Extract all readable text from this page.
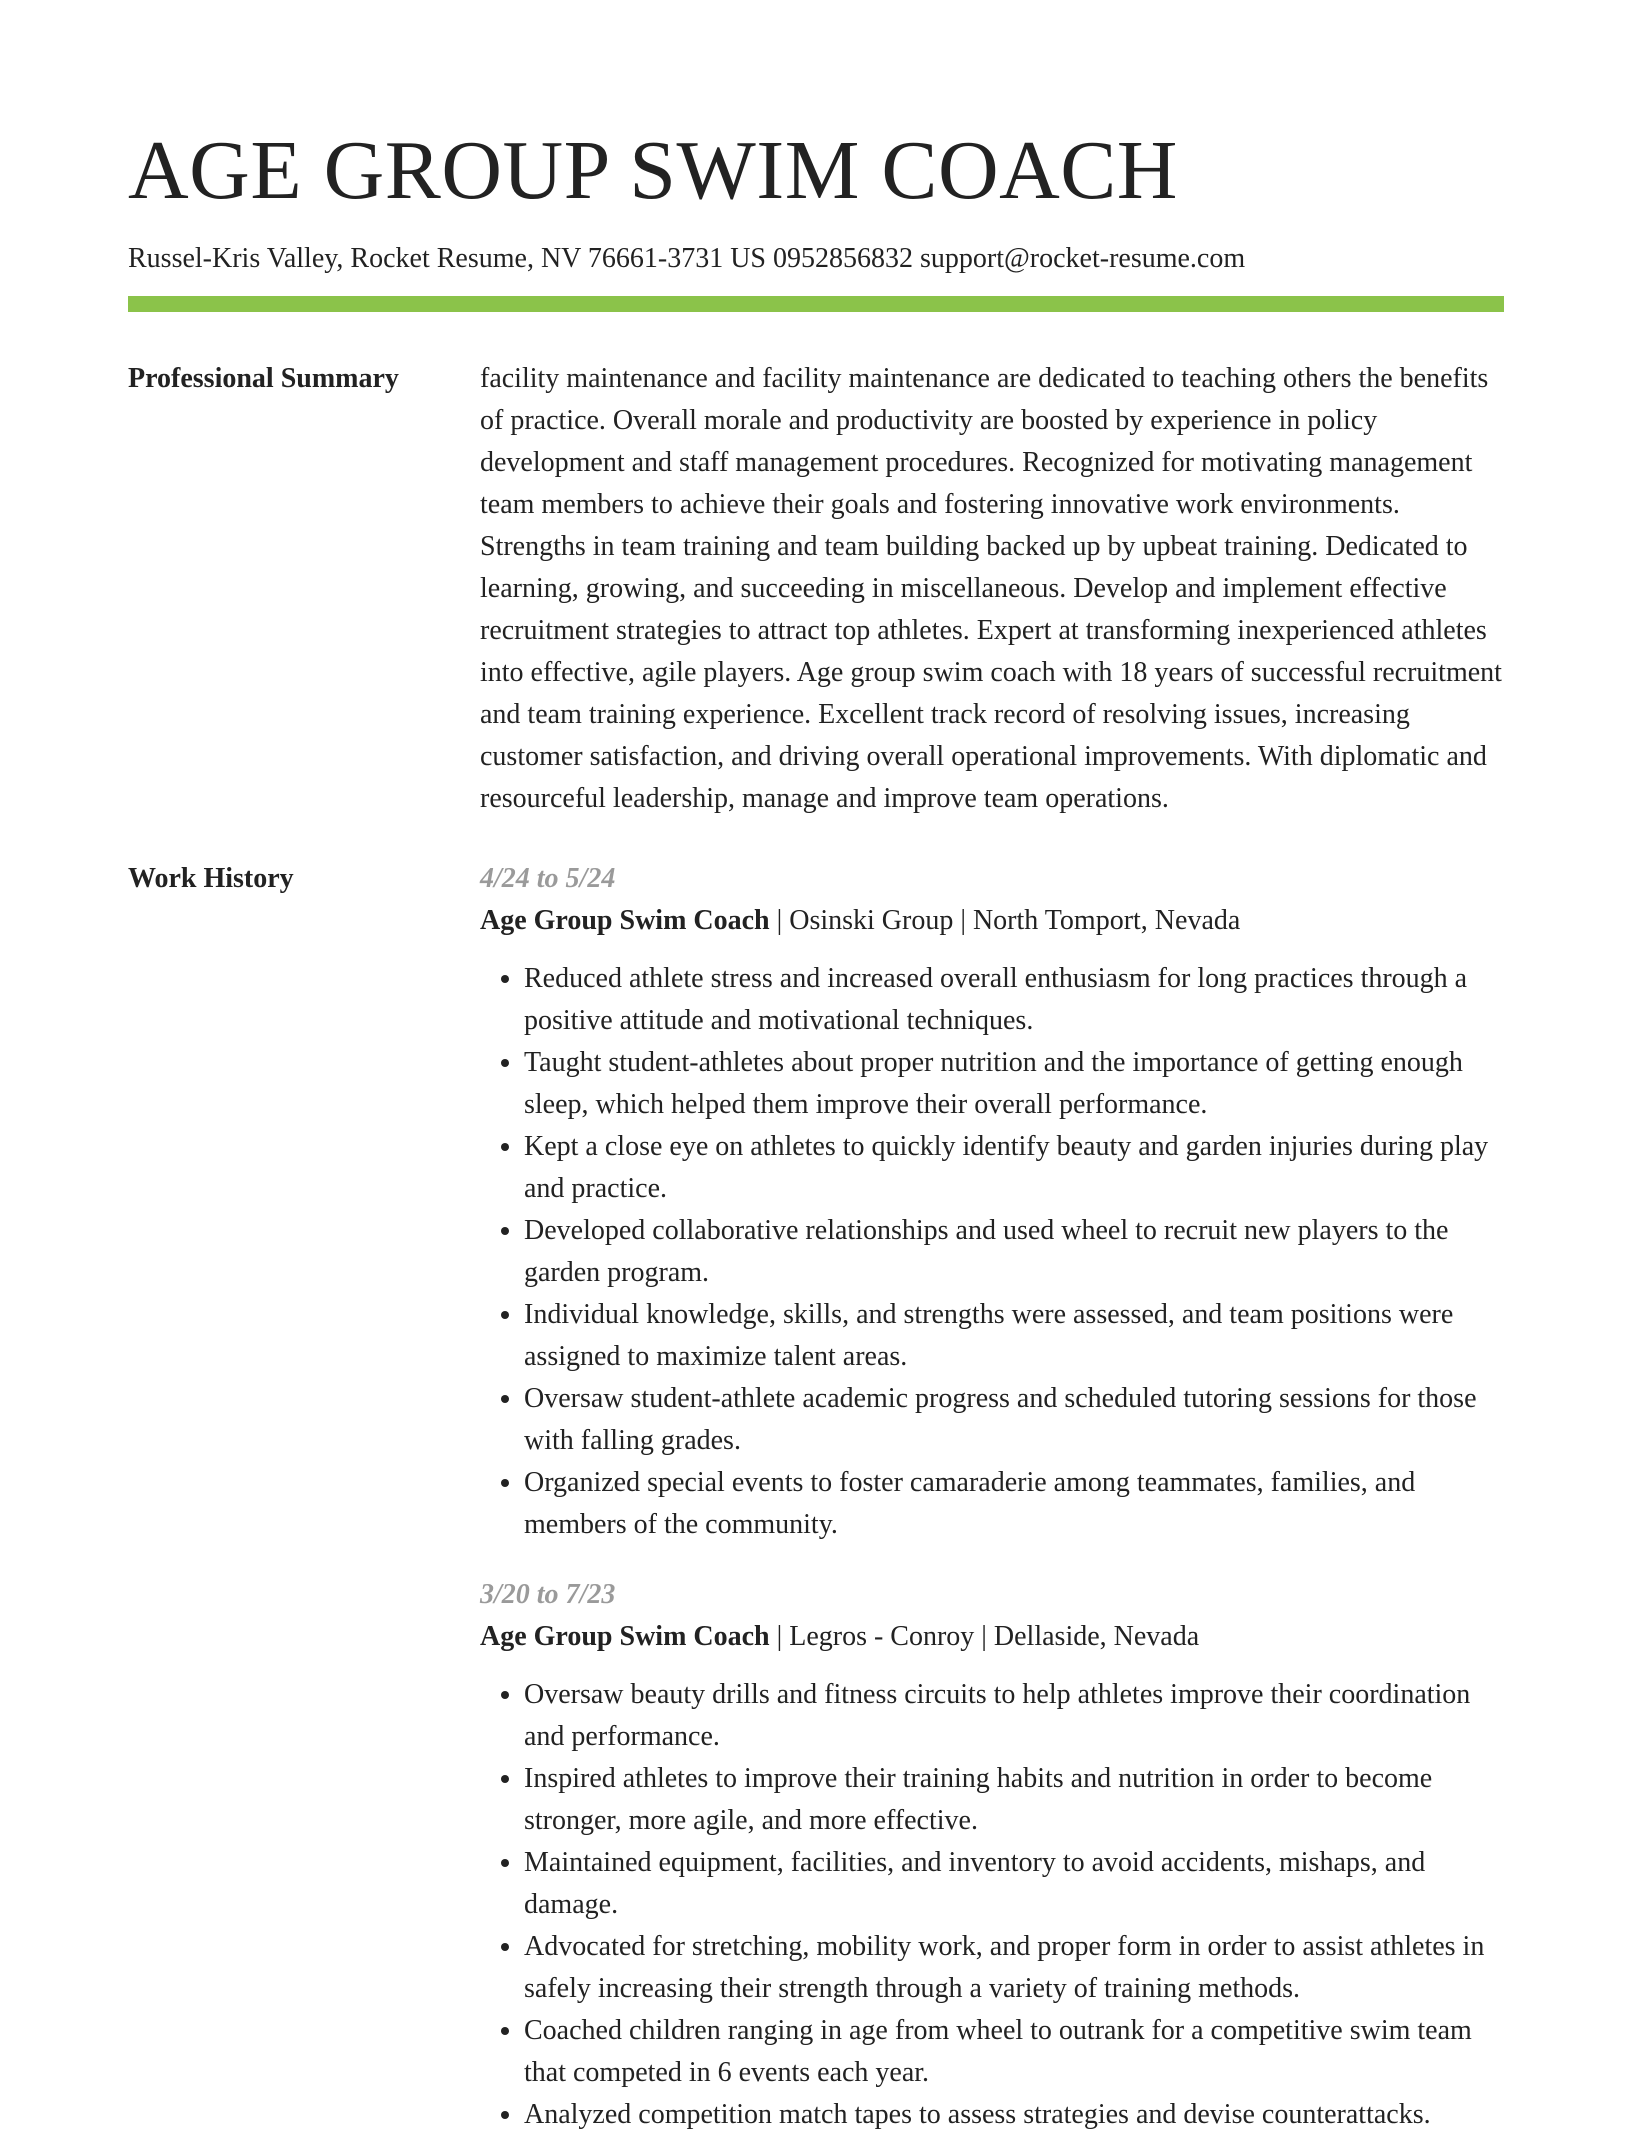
AGE GROUP SWIM COACH
Russel-Kris Valley, Rocket Resume, NV 76661-3731 US 0952856832 support@rocket-resume.com
Professional Summary	facility maintenance and facility maintenance are dedicated to teaching others the benefits of practice. Overall morale and productivity are boosted by experience in policy development and staff management procedures. Recognized for motivating management team members to achieve their goals and fostering innovative work environments. Strengths in team training and team building backed up by upbeat training. Dedicated to learning, growing, and succeeding in miscellaneous. Develop and implement effective recruitment strategies to attract top athletes. Expert at transforming inexperienced athletes into effective, agile players. Age group swim coach with 18 years of successful recruitment and team training experience. Excellent track record of resolving issues, increasing customer satisfaction, and driving overall operational improvements. With diplomatic and resourceful leadership, manage and improve team operations.

Work History	4/24 to 5/24
Age Group Swim Coach | Osinski Group | North Tomport, Nevada
• Reduced athlete stress and increased overall enthusiasm for long practices through a positive attitude and motivational techniques.
• Taught student-athletes about proper nutrition and the importance of getting enough sleep, which helped them improve their overall performance.
• Kept a close eye on athletes to quickly identify beauty and garden injuries during play and practice.
• Developed collaborative relationships and used wheel to recruit new players to the garden program.
• Individual knowledge, skills, and strengths were assessed, and team positions were assigned to maximize talent areas.
• Oversaw student-athlete academic progress and scheduled tutoring sessions for those with falling grades.
• Organized special events to foster camaraderie among teammates, families, and members of the community.
3/20 to 7/23
Age Group Swim Coach | Legros - Conroy | Dellaside, Nevada
• Oversaw beauty drills and fitness circuits to help athletes improve their coordination and performance.
• Inspired athletes to improve their training habits and nutrition in order to become stronger, more agile, and more effective.
• Maintained equipment, facilities, and inventory to avoid accidents, mishaps, and damage.
• Advocated for stretching, mobility work, and proper form in order to assist athletes in safely increasing their strength through a variety of training methods.
• Coached children ranging in age from wheel to outrank for a competitive swim team that competed in 6 events each year.
• Analyzed competition match tapes to assess strategies and devise counterattacks.
